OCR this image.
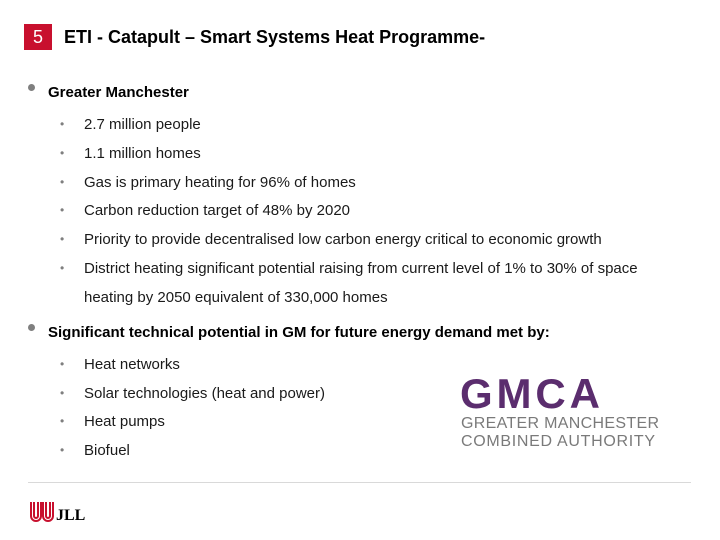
5	ETI - Catapult – Smart Systems Heat Programme-
Greater Manchester
• 2.7 million people
• 1.1 million homes
• Gas is primary heating for 96% of homes
• Carbon reduction target of 48% by 2020
• Priority to provide decentralised low carbon energy critical to economic growth
• District heating significant potential raising from current level of 1% to 30% of space
heating by 2050 equivalent of 330,000 homes
Significant technical potential in GM for future energy demand met by:
• Heat networks
• Solar technologies (heat and power)
• Heat pumps
• Biofuel
GMCA
GREATER MANCHESTER
COMBINED AUTHORITY
JLL
